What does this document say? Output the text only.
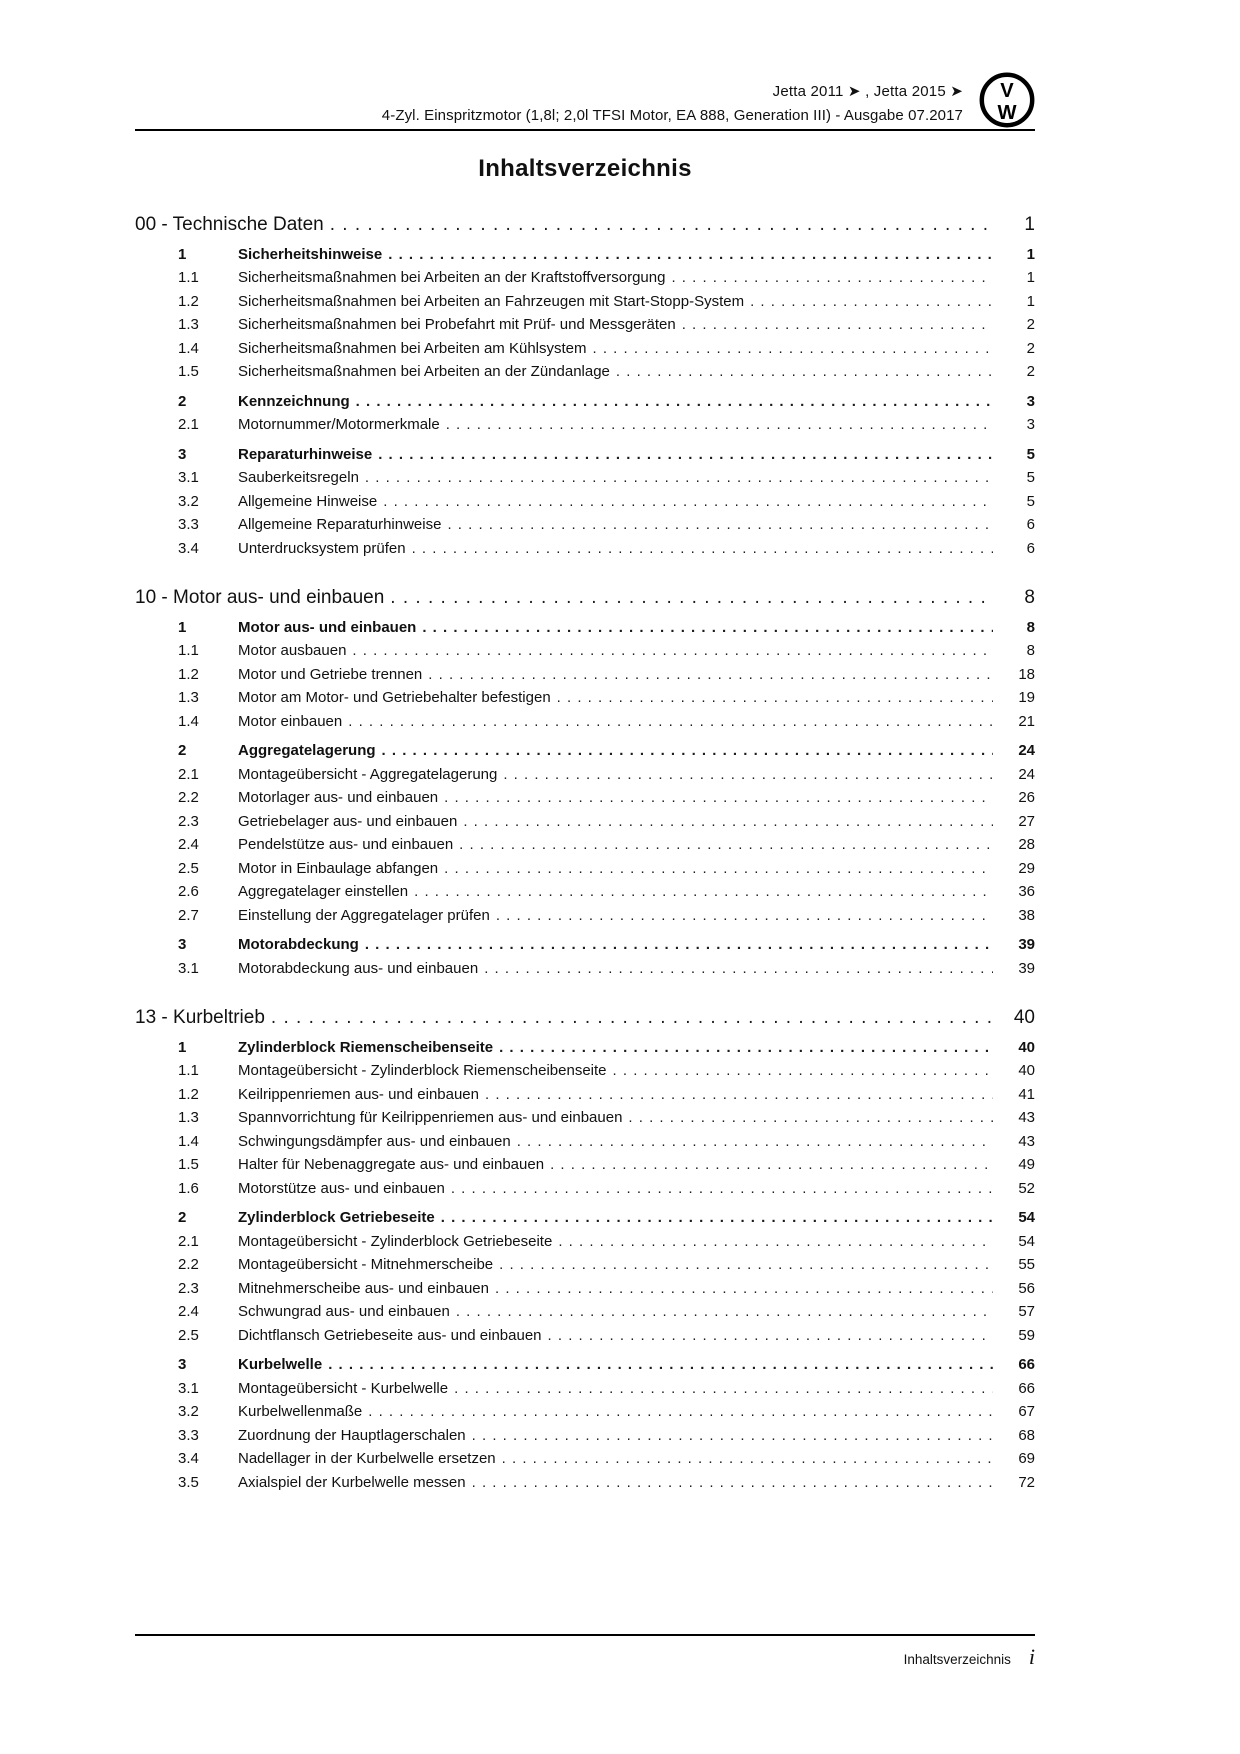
Jetta 2011 ➤ , Jetta 2015 ➤
4-Zyl. Einspritzmotor (1,8l; 2,0l TFSI Motor, EA 888, Generation III) - Ausgabe 07.2017
V
W
Inhaltsverzeichnis
00 - Technische Daten . . .	1
1	Sicherheitshinweise . . .	1
1.1	Sicherheitsmaßnahmen bei Arbeiten an der Kraftstoffversorgung . . .	1
1.2	Sicherheitsmaßnahmen bei Arbeiten an Fahrzeugen mit Start-Stopp-System . . .	1
1.3	Sicherheitsmaßnahmen bei Probefahrt mit Prüf- und Messgeräten . . .	2
1.4	Sicherheitsmaßnahmen bei Arbeiten am Kühlsystem . . .	2
1.5	Sicherheitsmaßnahmen bei Arbeiten an der Zündanlage . . .	2
2	Kennzeichnung . . .	3
2.1	Motornummer/Motormerkmale . . .	3
3	Reparaturhinweise . . .	5
3.1	Sauberkeitsregeln . . .	5
3.2	Allgemeine Hinweise . . .	5
3.3	Allgemeine Reparaturhinweise . . .	6
3.4	Unterdrucksystem prüfen . . .	6
10 - Motor aus- und einbauen . . .	8
1	Motor aus- und einbauen . . .	8
1.1	Motor ausbauen . . .	8
1.2	Motor und Getriebe trennen . . .	18
1.3	Motor am Motor- und Getriebehalter befestigen . . .	19
1.4	Motor einbauen . . .	21
2	Aggregatelagerung . . .	24
2.1	Montageübersicht - Aggregatelagerung . . .	24
2.2	Motorlager aus- und einbauen . . .	26
2.3	Getriebelager aus- und einbauen . . .	27
2.4	Pendelstütze aus- und einbauen . . .	28
2.5	Motor in Einbaulage abfangen . . .	29
2.6	Aggregatelager einstellen . . .	36
2.7	Einstellung der Aggregatelager prüfen . . .	38
3	Motorabdeckung . . .	39
3.1	Motorabdeckung aus- und einbauen . . .	39
13 - Kurbeltrieb . . .	40
1	Zylinderblock Riemenscheibenseite . . .	40
1.1	Montageübersicht - Zylinderblock Riemenscheibenseite . . .	40
1.2	Keilrippenriemen aus- und einbauen . . .	41
1.3	Spannvorrichtung für Keilrippenriemen aus- und einbauen . . .	43
1.4	Schwingungsdämpfer aus- und einbauen . . .	43
1.5	Halter für Nebenaggregate aus- und einbauen . . .	49
1.6	Motorstütze aus- und einbauen . . .	52
2	Zylinderblock Getriebeseite . . .	54
2.1	Montageübersicht - Zylinderblock Getriebeseite . . .	54
2.2	Montageübersicht - Mitnehmerscheibe . . .	55
2.3	Mitnehmerscheibe aus- und einbauen . . .	56
2.4	Schwungrad aus- und einbauen . . .	57
2.5	Dichtflansch Getriebeseite aus- und einbauen . . .	59
3	Kurbelwelle . . .	66
3.1	Montageübersicht - Kurbelwelle . . .	66
3.2	Kurbelwellenmaße . . .	67
3.3	Zuordnung der Hauptlagerschalen . . .	68
3.4	Nadellager in der Kurbelwelle ersetzen . . .	69
3.5	Axialspiel der Kurbelwelle messen . . .	72
Inhaltsverzeichnis i
